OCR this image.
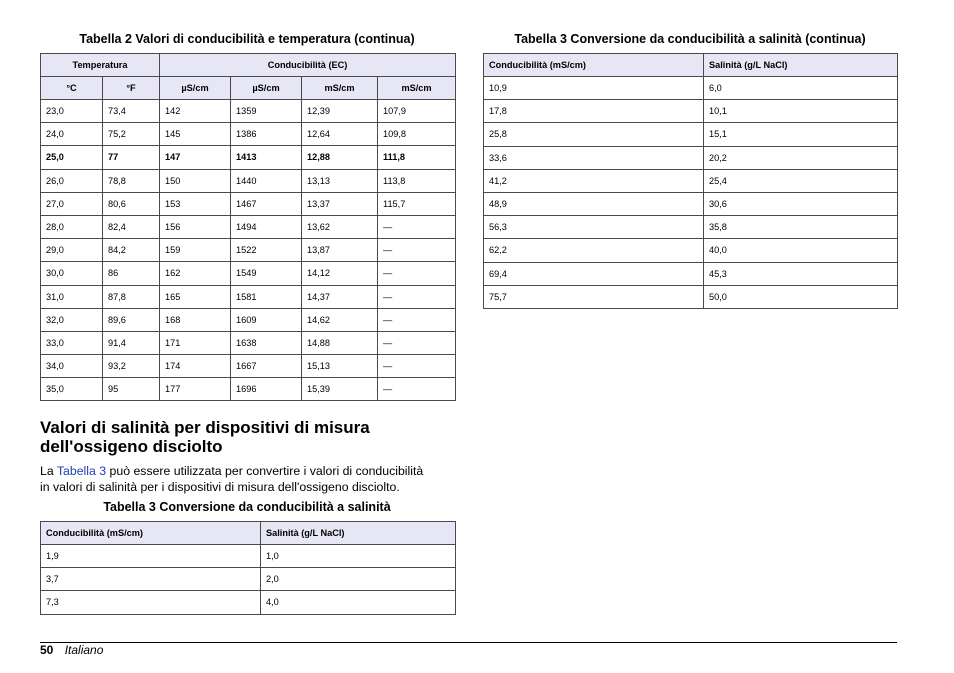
Tabella 2 Valori di conducibilità e temperatura (continua)
Temperatura		Conducibilità (EC)			
°C	°F	µS/cm	µS/cm	mS/cm	mS/cm
23,0	73,4	142	1359	12,39	107,9
24,0	75,2	145	1386	12,64	109,8
25,0	77	147	1413	12,88	111,8
26,0	78,8	150	1440	13,13	113,8
27,0	80,6	153	1467	13,37	115,7
28,0	82,4	156	1494	13,62	—
29,0	84,2	159	1522	13,87	—
30,0	86	162	1549	14,12	—
31,0	87,8	165	1581	14,37	—
32,0	89,6	168	1609	14,62	—
33,0	91,4	171	1638	14,88	—
34,0	93,2	174	1667	15,13	—
35,0	95	177	1696	15,39	—
Valori di salinità per dispositivi di misura
dell'ossigeno disciolto

La Tabella 3 può essere utilizzata per convertire i valori di conducibilità
in valori di salinità per i dispositivi di misura dell'ossigeno disciolto.

Tabella 3 Conversione da conducibilità a salinità
Conducibilità (mS/cm)	Salinità (g/L NaCl)
1,9	1,0
3,7	2,0
7,3	4,0
Tabella 3 Conversione da conducibilità a salinità (continua)
Conducibilità (mS/cm)	Salinità (g/L NaCl)
10,9	6,0
17,8	10,1
25,8	15,1
33,6	20,2
41,2	25,4
48,9	30,6
56,3	35,8
62,2	40,0
69,4	45,3
75,7	50,0
50 Italiano
